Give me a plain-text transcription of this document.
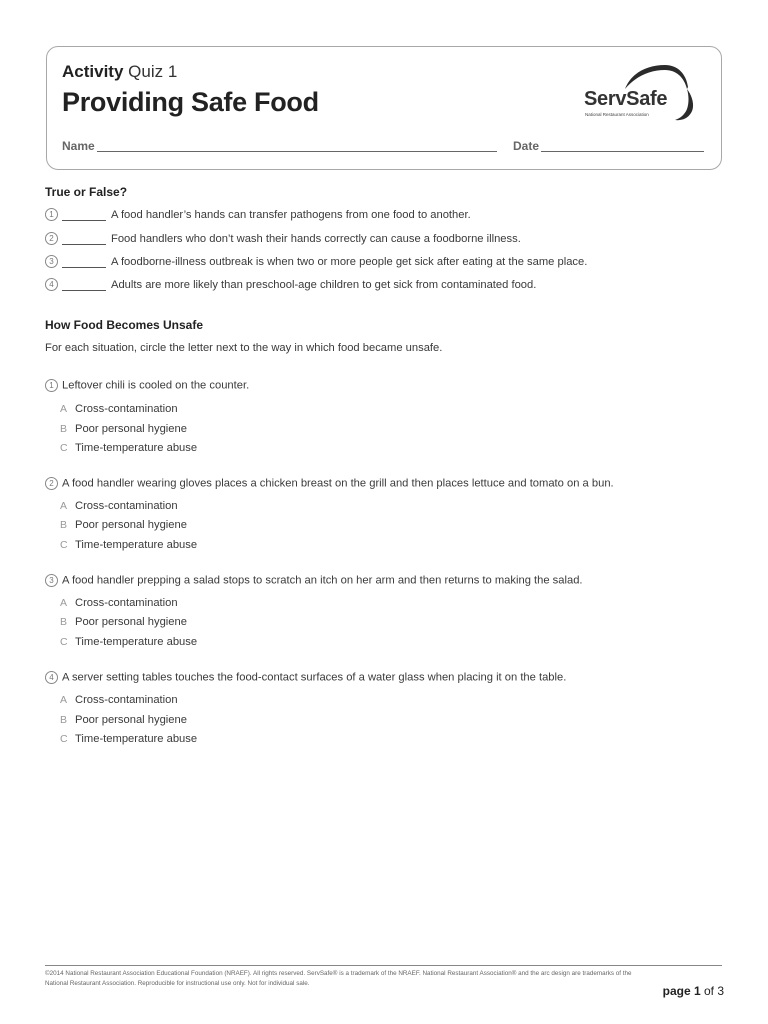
Activity Quiz 1
Providing Safe Food
Name	Date
ServSafe
National Restaurant Association
True or False?
1	A food handler’s hands can transfer pathogens from one food to another.
2	Food handlers who don’t wash their hands correctly can cause a foodborne illness.
3	A foodborne-illness outbreak is when two or more people get sick after eating at the same place.
4	Adults are more likely than preschool-age children to get sick from contaminated food.
How Food Becomes Unsafe

For each situation, circle the letter next to the way in which food became unsafe.

1 Leftover chili is cooled on the counter.
A Cross-contamination
B Poor personal hygiene
C Time-temperature abuse
2 A food handler wearing gloves places a chicken breast on the grill and then places lettuce and tomato on a bun.
A Cross-contamination
B Poor personal hygiene
C Time-temperature abuse
3 A food handler prepping a salad stops to scratch an itch on her arm and then returns to making the salad.
A Cross-contamination
B Poor personal hygiene
C Time-temperature abuse
4 A server setting tables touches the food-contact surfaces of a water glass when placing it on the table.
A Cross-contamination
B Poor personal hygiene
C Time-temperature abuse

©2014 National Restaurant Association Educational Foundation (NRAEF). All rights reserved. ServSafe® is a trademark of the NRAEF. National Restaurant Association® and the arc design are trademarks of the
National Restaurant Association. Reproducible for instructional use only. Not for individual sale.

page 1 of 3
